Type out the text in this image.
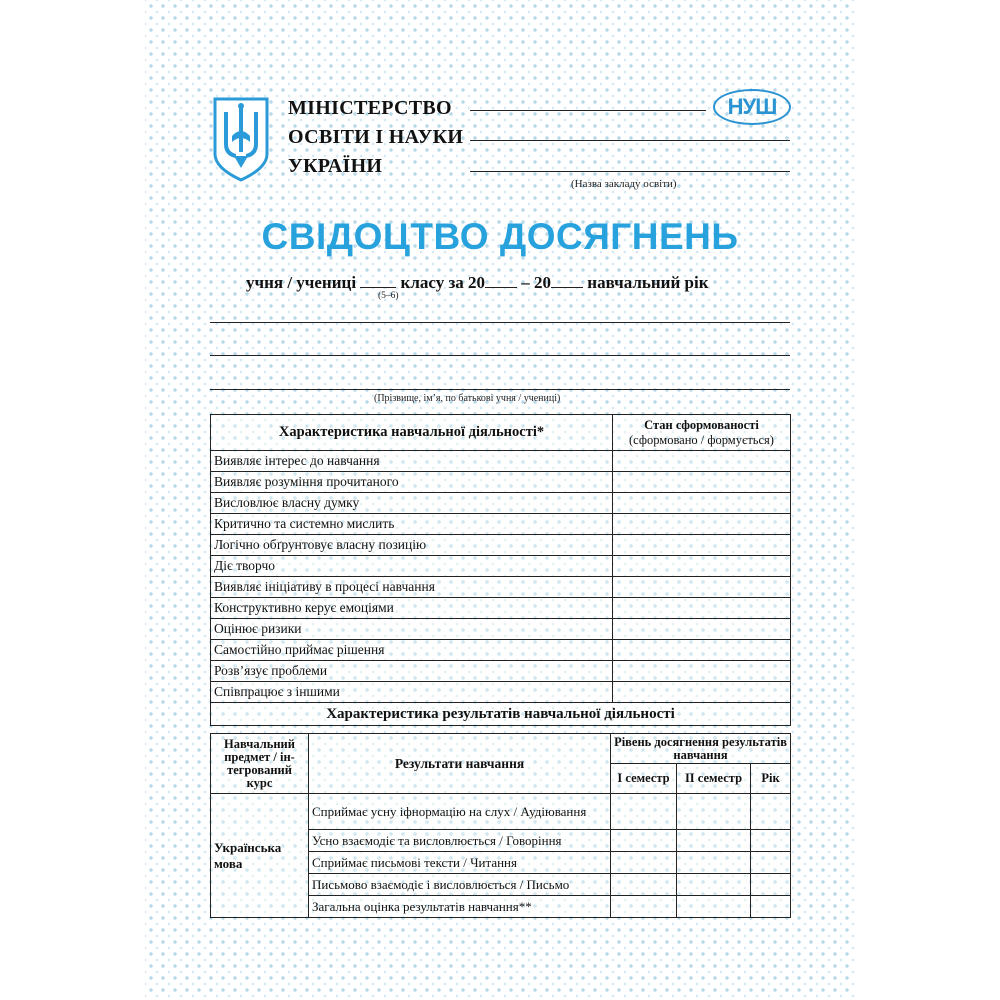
МІНІСТЕРСТВО
ОСВІТИ І НАУКИ
УКРАЇНИ
(Назва закладу освіти)
НУШ
СВІДОЦТВО ДОСЯГНЕНЬ
учня / учениці	класу за 20 – 20 навчальний рік
(5–6)
(Прізвище, ім’я, по батькові учня / учениці)
Характеристика навчальної діяльності*	Стан сформованості
(сформовано / формується)

Виявляє інтерес до навчання	
Виявляє розуміння прочитаного	
Висловлює власну думку	
Критично та системно мислить	
Логічно обґрунтовує власну позицію	
Діє творчо	
Виявляє ініціативу в процесі навчання	
Конструктивно керує емоціями	
Оцінює ризики	
Самостійно приймає рішення	
Розв’язує проблеми	
Співпрацює з іншими	
Характеристика результатів навчальної діяльності	
Навчальний предмет / ін-тегрований курс	Результати навчання	Рівень досягнення результатів навчання		
		І семестр	ІІ семестр	Рік
Українська мова	Сприймає усну іфнормацію на слух / Аудіювання			
	Усно взаємодіє та висловлюється / Говоріння			
	Сприймає письмові тексти / Читання			
	Письмово взаємодіє і висловлюється / Письмо			
	Загальна оцінка результатів навчання**			
